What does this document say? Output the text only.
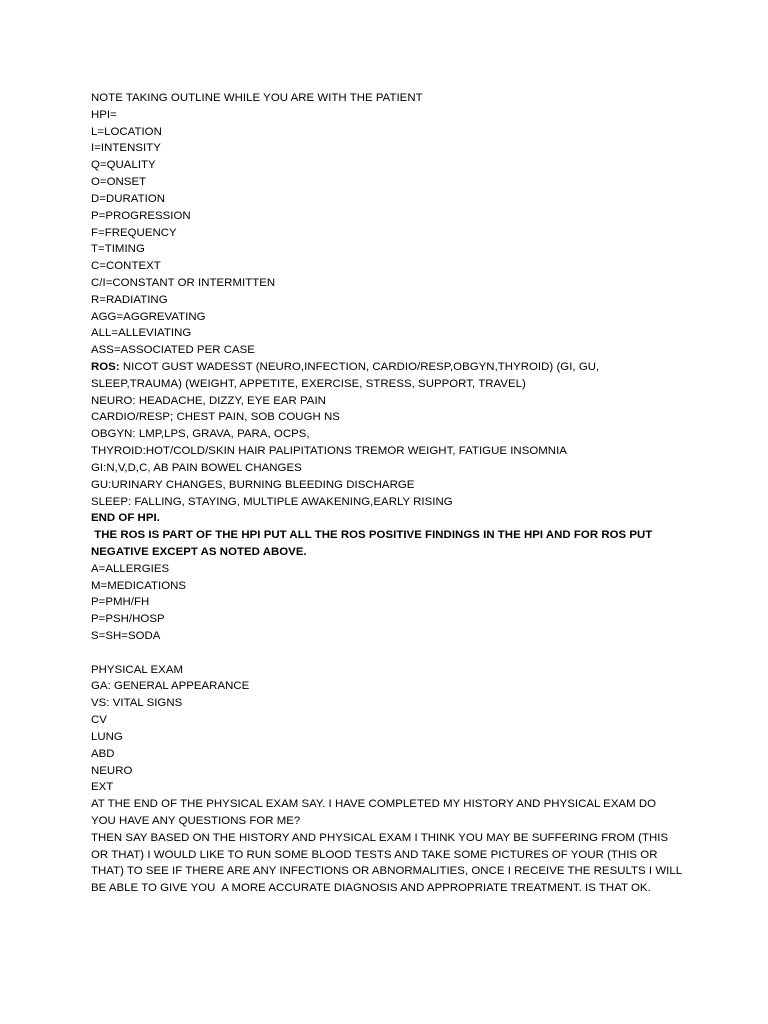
NOTE TAKING OUTLINE WHILE YOU ARE WITH THE PATIENT
HPI=
L=LOCATION
I=INTENSITY
Q=QUALITY
O=ONSET
D=DURATION
P=PROGRESSION
F=FREQUENCY
T=TIMING
C=CONTEXT
C/I=CONSTANT OR INTERMITTEN
R=RADIATING
AGG=AGGREVATING
ALL=ALLEVIATING
ASS=ASSOCIATED PER CASE
ROS: NICOT GUST WADESST (NEURO,INFECTION, CARDIO/RESP,OBGYN,THYROID) (GI, GU,
SLEEP,TRAUMA) (WEIGHT, APPETITE, EXERCISE, STRESS, SUPPORT, TRAVEL)
NEURO: HEADACHE, DIZZY, EYE EAR PAIN
CARDIO/RESP; CHEST PAIN, SOB COUGH NS
OBGYN: LMP,LPS, GRAVA, PARA, OCPS,
THYROID:HOT/COLD/SKIN HAIR PALIPITATIONS TREMOR WEIGHT, FATIGUE INSOMNIA
GI:N,V,D,C, AB PAIN BOWEL CHANGES
GU:URINARY CHANGES, BURNING BLEEDING DISCHARGE
SLEEP: FALLING, STAYING, MULTIPLE AWAKENING,EARLY RISING
END OF HPI.
THE ROS IS PART OF THE HPI PUT ALL THE ROS POSITIVE FINDINGS IN THE HPI AND FOR ROS PUT
NEGATIVE EXCEPT AS NOTED ABOVE.
A=ALLERGIES
M=MEDICATIONS
P=PMH/FH
P=PSH/HOSP
S=SH=SODA
PHYSICAL EXAM
GA: GENERAL APPEARANCE
VS: VITAL SIGNS
CV
LUNG
ABD
NEURO
EXT
AT THE END OF THE PHYSICAL EXAM SAY. I HAVE COMPLETED MY HISTORY AND PHYSICAL EXAM DO
YOU HAVE ANY QUESTIONS FOR ME?
THEN SAY BASED ON THE HISTORY AND PHYSICAL EXAM I THINK YOU MAY BE SUFFERING FROM (THIS
OR THAT) I WOULD LIKE TO RUN SOME BLOOD TESTS AND TAKE SOME PICTURES OF YOUR (THIS OR
THAT) TO SEE IF THERE ARE ANY INFECTIONS OR ABNORMALITIES, ONCE I RECEIVE THE RESULTS I WILL
BE ABLE TO GIVE YOU  A MORE ACCURATE DIAGNOSIS AND APPROPRIATE TREATMENT. IS THAT OK.
